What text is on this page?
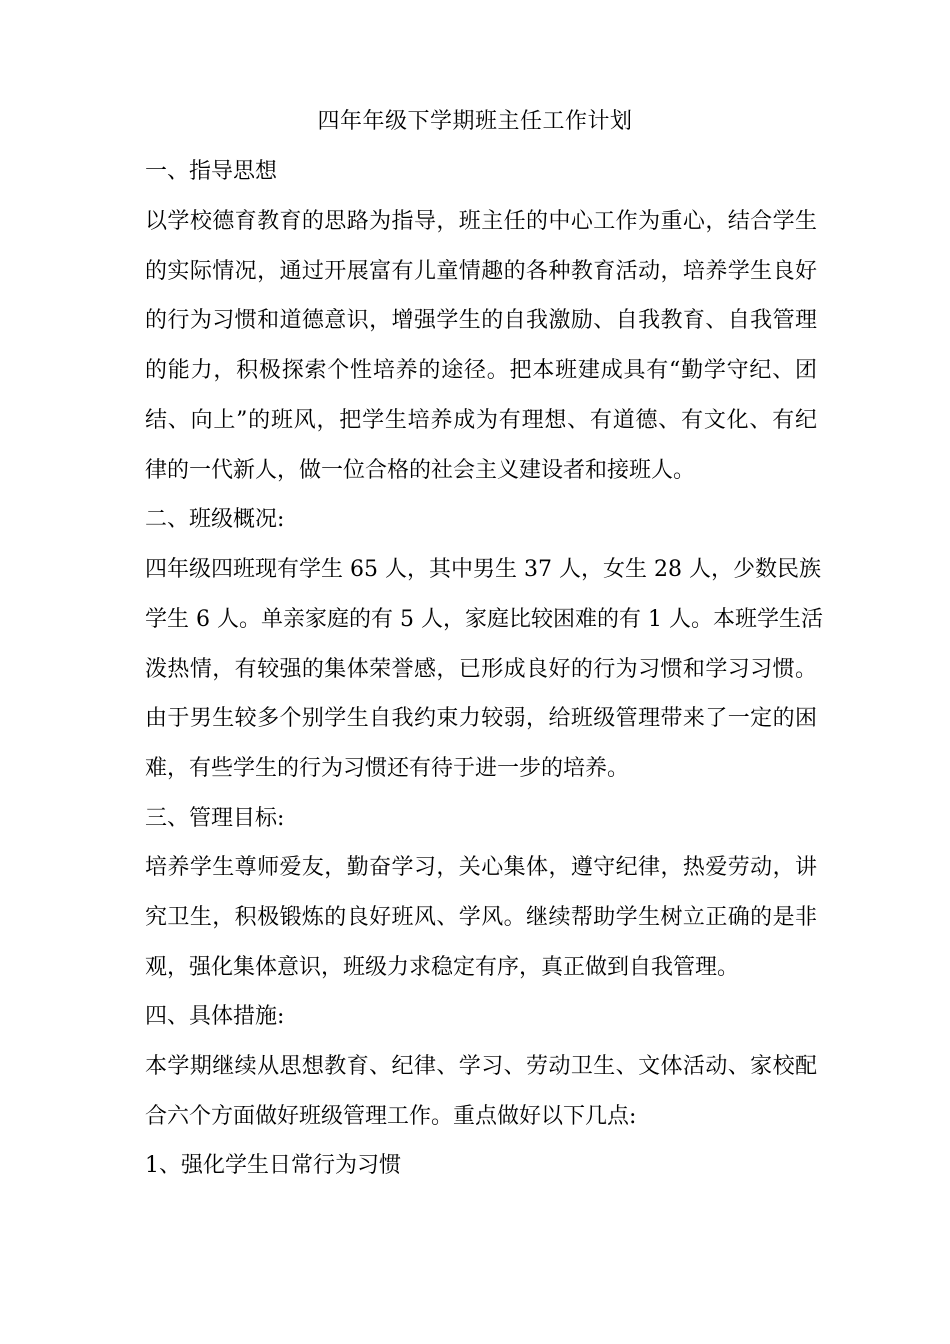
四年年级下学期班主任工作计划
一、指导思想
以学校德育教育的思路为指导，班主任的中心工作为重心，结合学生
的实际情况，通过开展富有儿童情趣的各种教育活动，培养学生良好
的行为习惯和道德意识，增强学生的自我激励、自我教育、自我管理
的能力，积极探索个性培养的途径。把本班建成具有“勤学守纪、团
结、向上”的班风，把学生培养成为有理想、有道德、有文化、有纪
律的一代新人，做一位合格的社会主义建设者和接班人。
二、班级概况:
四年级四班现有学生 65 人，其中男生 37 人，女生 28 人，少数民族
学生 6 人。单亲家庭的有 5 人，家庭比较困难的有 1 人。本班学生活
泼热情，有较强的集体荣誉感，已形成良好的行为习惯和学习习惯。
由于男生较多个别学生自我约束力较弱，给班级管理带来了一定的困
难，有些学生的行为习惯还有待于进一步的培养。
三、管理目标:
培养学生尊师爱友，勤奋学习，关心集体，遵守纪律，热爱劳动，讲
究卫生，积极锻炼的良好班风、学风。继续帮助学生树立正确的是非
观，强化集体意识，班级力求稳定有序，真正做到自我管理。
四、具体措施:
本学期继续从思想教育、纪律、学习、劳动卫生、文体活动、家校配
合六个方面做好班级管理工作。重点做好以下几点:
1、强化学生日常行为习惯
